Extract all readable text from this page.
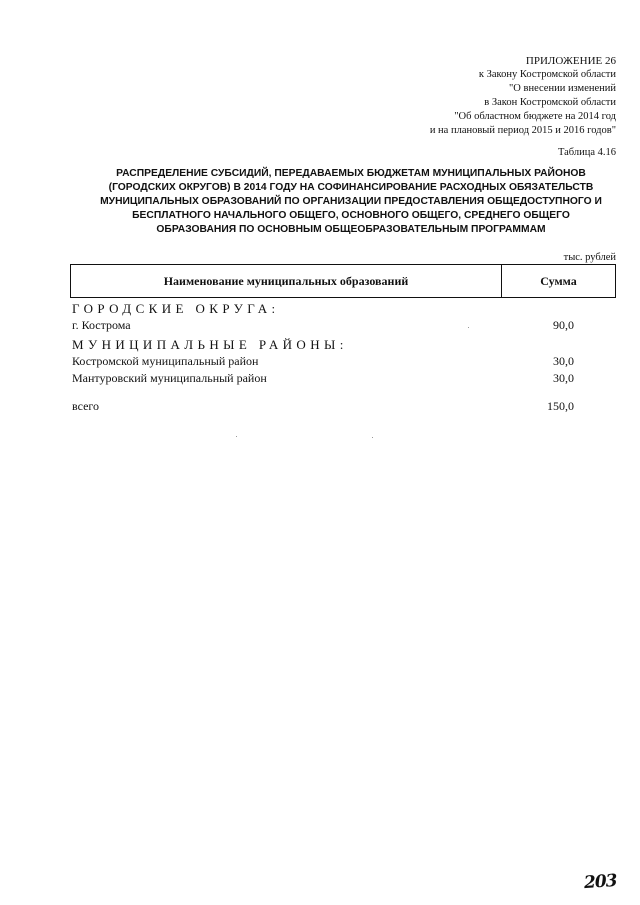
ПРИЛОЖЕНИЕ 26
к Закону Костромской области
"О внесении изменений
в Закон Костромской области
"Об областном бюджете на 2014 год
и на плановый период 2015 и 2016 годов"
Таблица 4.16
РАСПРЕДЕЛЕНИЕ СУБСИДИЙ, ПЕРЕДАВАЕМЫХ БЮДЖЕТАМ МУНИЦИПАЛЬНЫХ РАЙОНОВ
(ГОРОДСКИХ ОКРУГОВ) В 2014 ГОДУ НА СОФИНАНСИРОВАНИЕ РАСХОДНЫХ ОБЯЗАТЕЛЬСТВ
МУНИЦИПАЛЬНЫХ ОБРАЗОВАНИЙ ПО ОРГАНИЗАЦИИ ПРЕДОСТАВЛЕНИЯ ОБЩЕДОСТУПНОГО И
БЕСПЛАТНОГО НАЧАЛЬНОГО ОБЩЕГО, ОСНОВНОГО ОБЩЕГО, СРЕДНЕГО ОБЩЕГО
ОБРАЗОВАНИЯ ПО ОСНОВНЫМ ОБЩЕОБРАЗОВАТЕЛЬНЫМ ПРОГРАММАМ
тыс. рублей
Наименование муниципальных образований	Сумма
ГОРОДСКИЕ ОКРУГА:
г. Кострома	90,0
МУНИЦИПАЛЬНЫЕ РАЙОНЫ:
Костромской муниципальный район	30,0
Мантуровский муниципальный район	30,0
всего	150,0
203
